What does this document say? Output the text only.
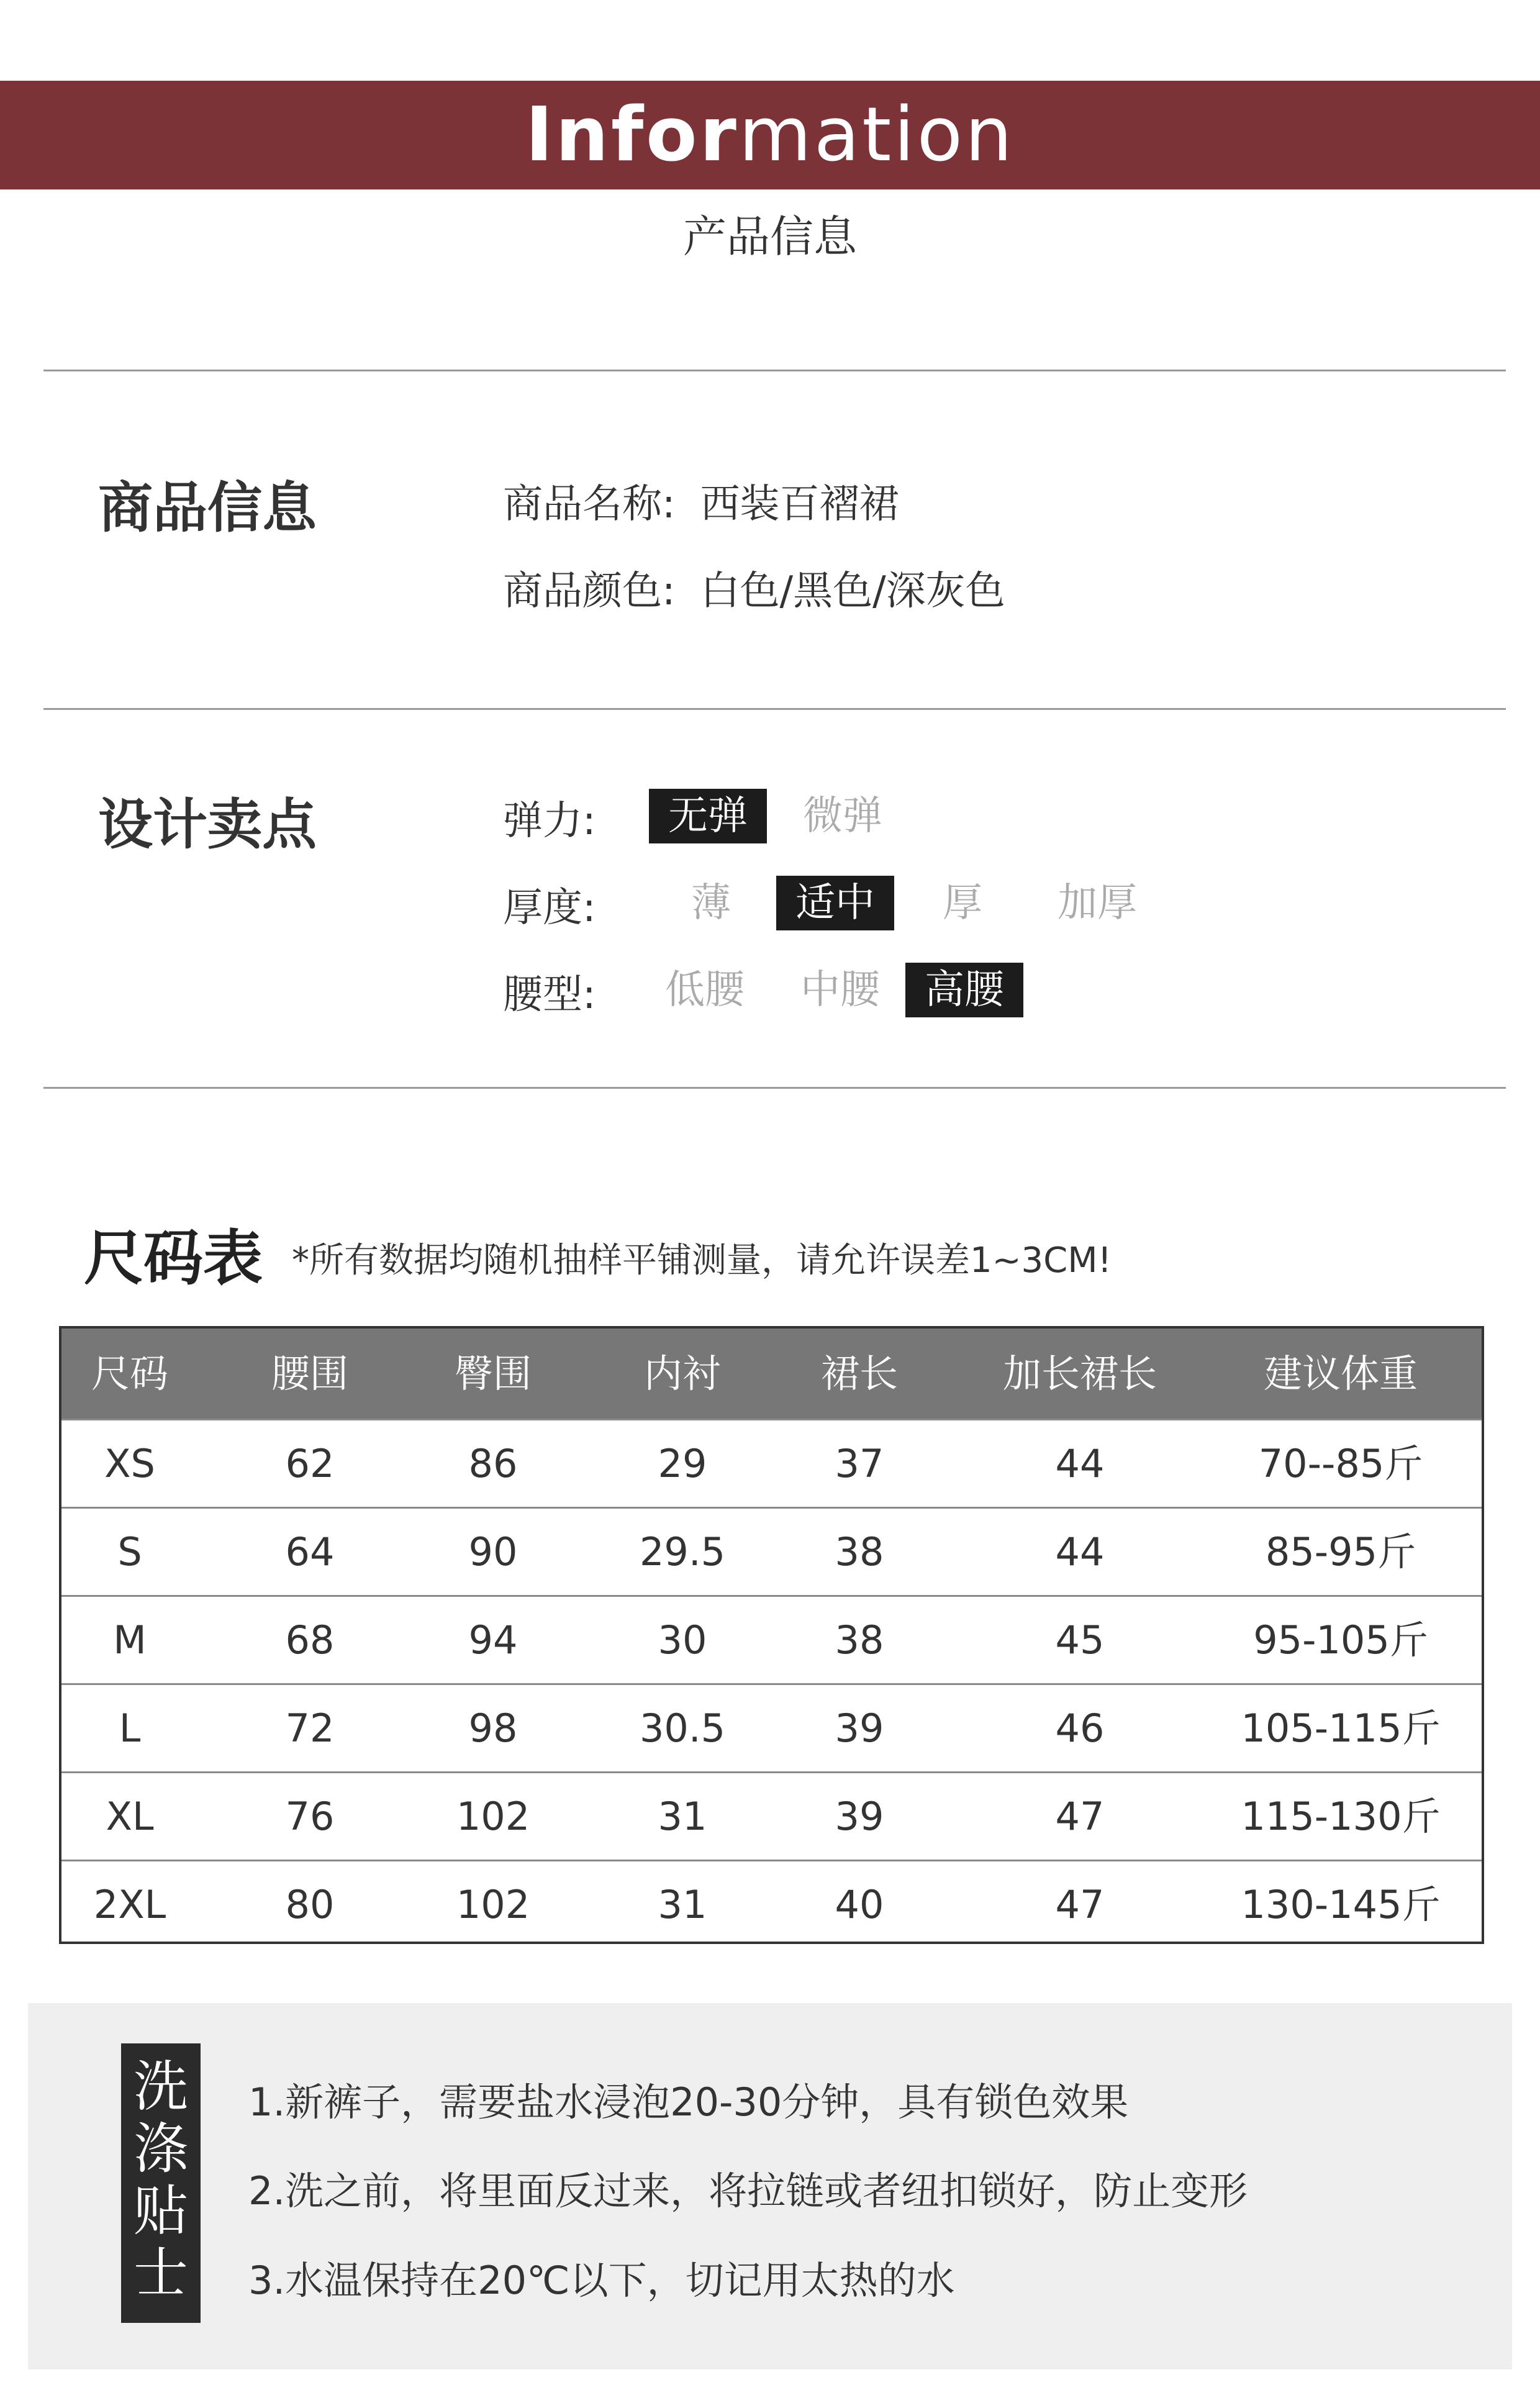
Information
产品信息
商品信息	商品名称: 西装百褶裙
商品颜色: 白色/黑色/深灰色
设计卖点	弹力:	无弹	微弹
厚度:	薄	适中	厚	加厚
腰型:	低腰	中腰	高腰
尺码表 *所有数据均随机抽样平铺测量，请允许误差1~3CM!
尺码	腰围	臀围	内衬	裙长	加长裙长	建议体重
XS	62	86	29	37	44	70--85斤
S	64	90	29.5	38	44	85-95斤
M	68	94	30	38	45	95-105斤
L	72	98	30.5	39	46	105-115斤
XL	76	102	31	39	47	115-130斤
2XL	80	102	31	40	47	130-145斤
洗
涤
贴
士
1.新裤子，需要盐水浸泡20-30分钟，具有锁色效果
2.洗之前，将里面反过来，将拉链或者纽扣锁好，防止变形
3.水温保持在20℃以下，切记用太热的水
